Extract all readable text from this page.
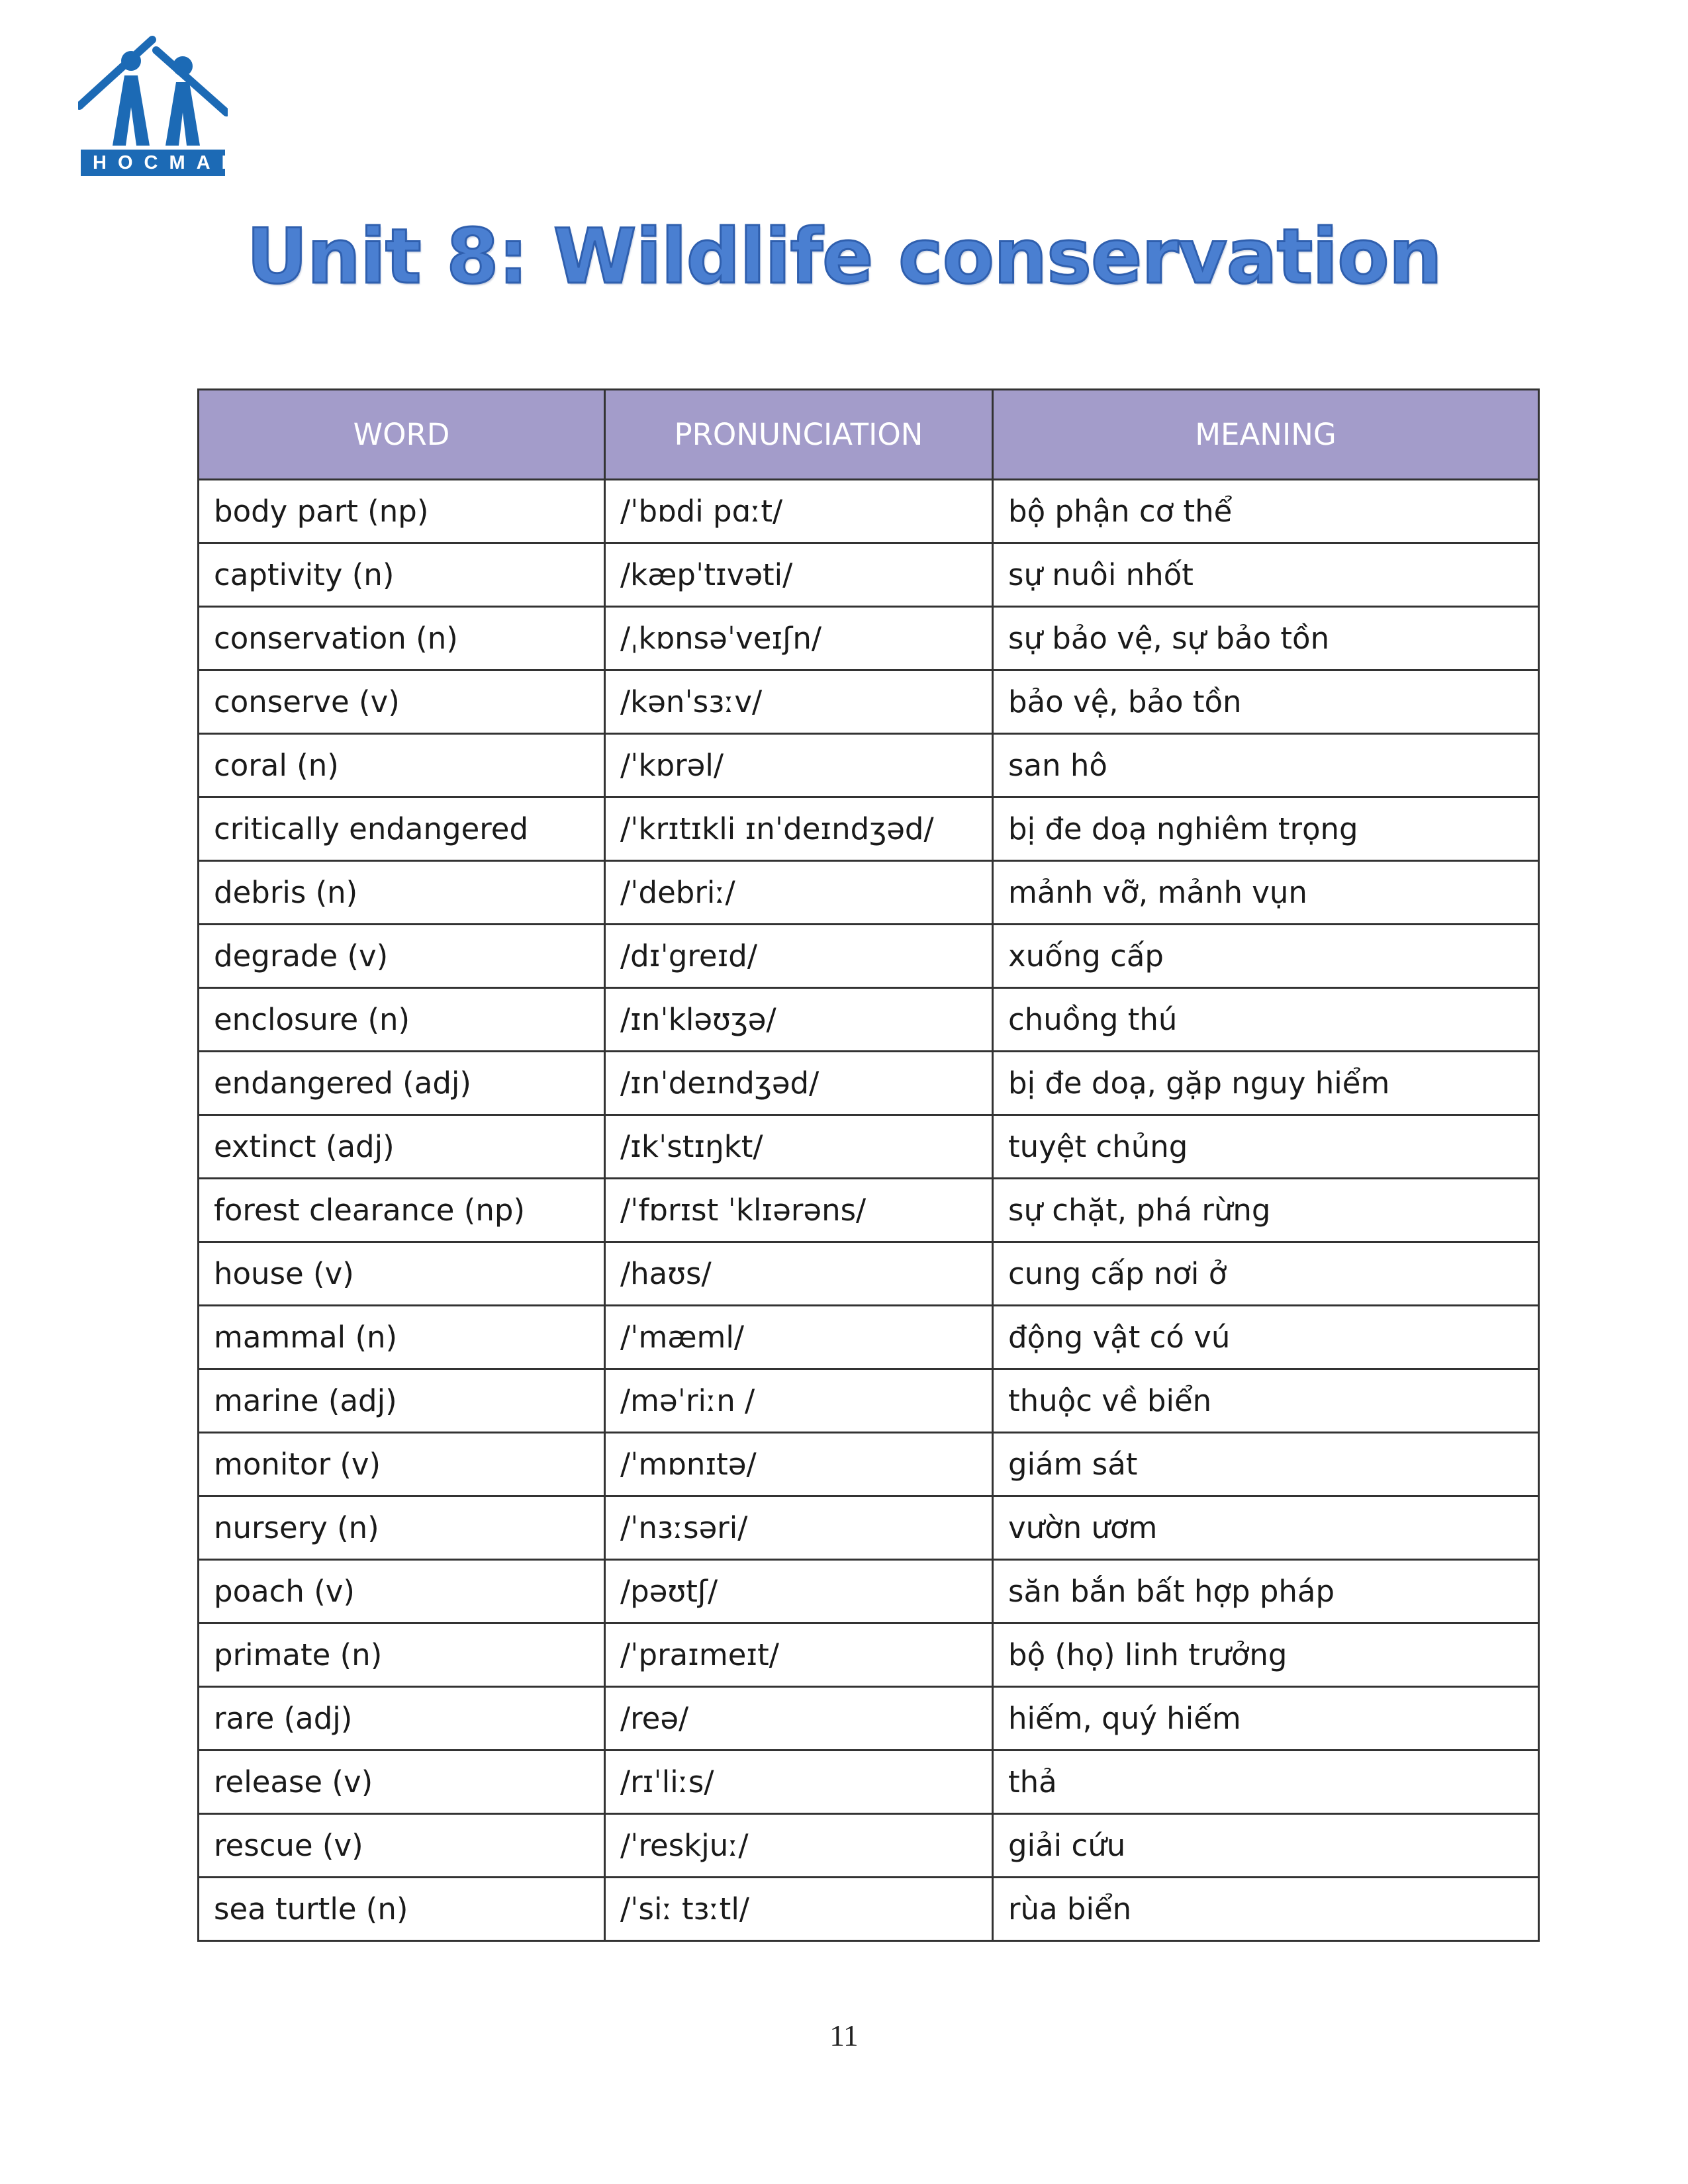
HOCMAI
Unit 8: Wildlife conservation
WORD	PRONUNCIATION	MEANING
body part (np)	/ˈbɒdi pɑːt/	bộ phận cơ thể
captivity (n)	/kæpˈtɪvəti/	sự nuôi nhốt
conservation (n)	/ˌkɒnsəˈveɪʃn/	sự bảo vệ, sự bảo tồn
conserve (v)	/kənˈsɜːv/	bảo vệ, bảo tồn
coral (n)	/ˈkɒrəl/	san hô
critically endangered	/ˈkrɪtɪkli ɪnˈdeɪndʒəd/	bị đe doạ nghiêm trọng
debris (n)	/ˈdebriː/	mảnh vỡ, mảnh vụn
degrade (v)	/dɪˈgreɪd/	xuống cấp
enclosure (n)	/ɪnˈkləʊʒə/	chuồng thú
endangered (adj)	/ɪnˈdeɪndʒəd/	bị đe doạ, gặp nguy hiểm
extinct (adj)	/ɪkˈstɪŋkt/	tuyệt chủng
forest clearance (np)	/ˈfɒrɪst ˈklɪərəns/	sự chặt, phá rừng
house (v)	/haʊs/	cung cấp nơi ở
mammal (n)	/ˈmæml/	động vật có vú
marine (adj)	/məˈriːn /	thuộc về biển
monitor (v)	/ˈmɒnɪtə/	giám sát
nursery (n)	/ˈnɜːsəri/	vườn ươm
poach (v)	/pəʊtʃ/	săn bắn bất hợp pháp
primate (n)	/ˈpraɪmeɪt/	bộ (họ) linh trưởng
rare (adj)	/reə/	hiếm, quý hiếm
release (v)	/rɪˈliːs/	thả
rescue (v)	/ˈreskjuː/	giải cứu
sea turtle (n)	/ˈsiː tɜːtl/	rùa biển
11
